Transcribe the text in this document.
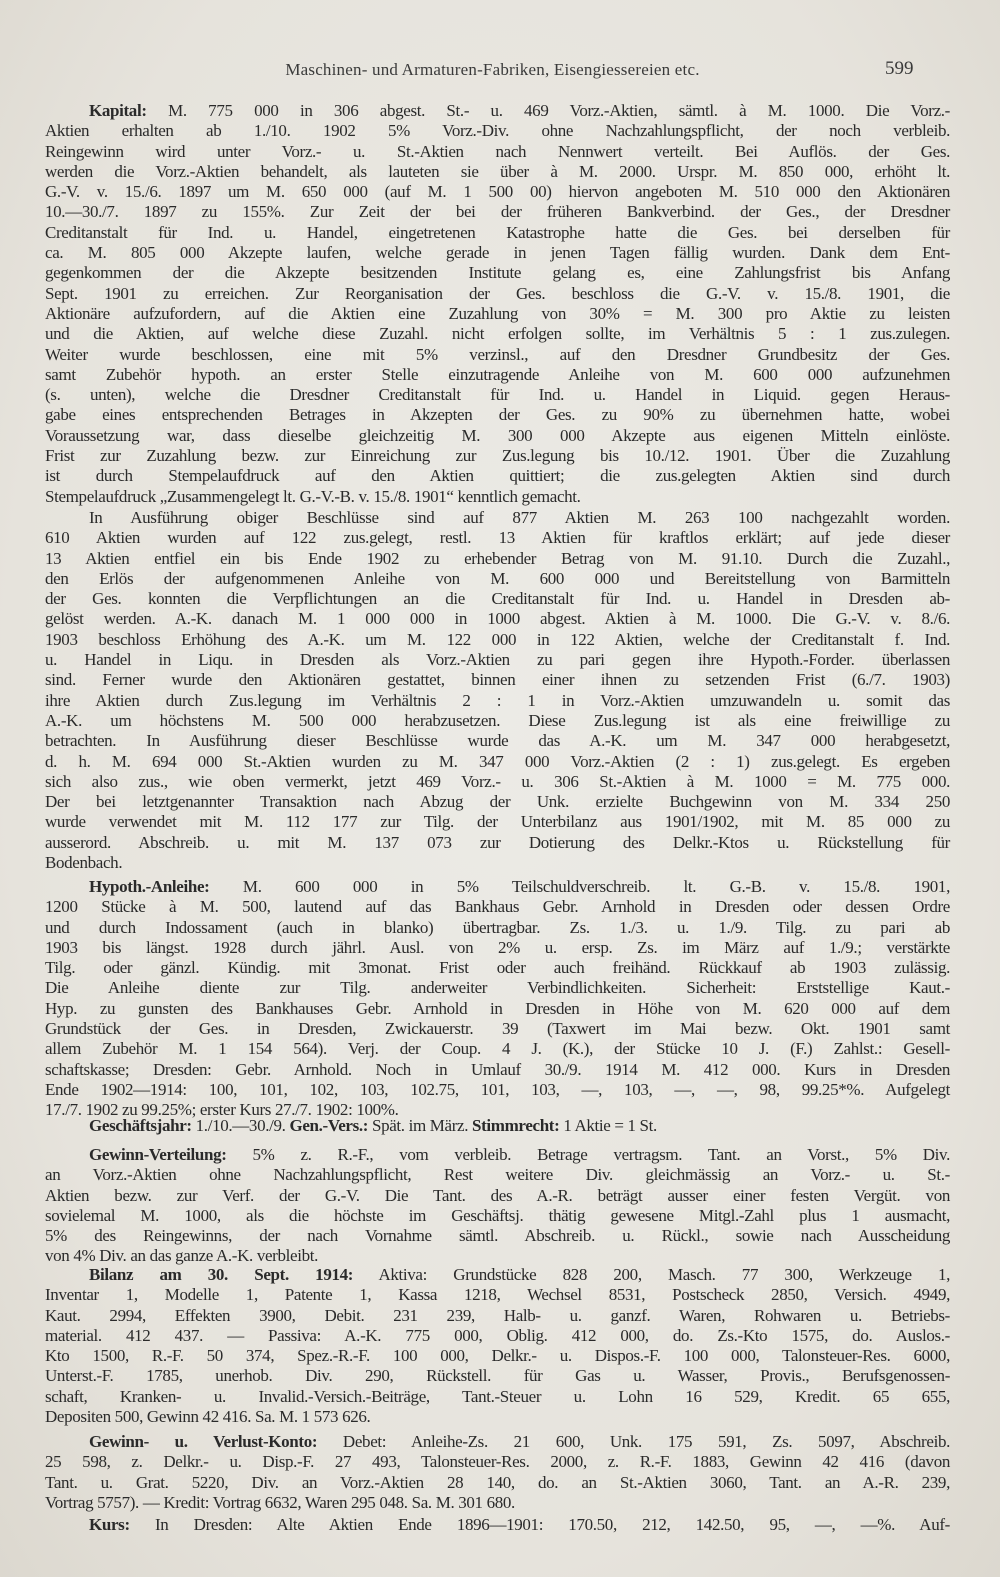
Maschinen- und Armaturen-Fabriken, Eisengiessereien etc.	599
Kapital: M. 775 000 in 306 abgest. St.- u. 469 Vorz.-Aktien, sämtl. à M. 1000. Die Vorz.-
Aktien erhalten ab 1./10. 1902 5% Vorz.-Div. ohne Nachzahlungspflicht, der noch verbleib.
Reingewinn wird unter Vorz.- u. St.-Aktien nach Nennwert verteilt. Bei Auflös. der Ges.
werden die Vorz.-Aktien behandelt, als lauteten sie über à M. 2000. Urspr. M. 850 000, erhöht lt.
G.-V. v. 15./6. 1897 um M. 650 000 (auf M. 1 500 00) hiervon angeboten M. 510 000 den Aktionären
10.—30./7. 1897 zu 155%. Zur Zeit der bei der früheren Bankverbind. der Ges., der Dresdner
Creditanstalt für Ind. u. Handel, eingetretenen Katastrophe hatte die Ges. bei derselben für
ca. M. 805 000 Akzepte laufen, welche gerade in jenen Tagen fällig wurden. Dank dem Ent-
gegenkommen der die Akzepte besitzenden Institute gelang es, eine Zahlungsfrist bis Anfang
Sept. 1901 zu erreichen. Zur Reorganisation der Ges. beschloss die G.-V. v. 15./8. 1901, die
Aktionäre aufzufordern, auf die Aktien eine Zuzahlung von 30% = M. 300 pro Aktie zu leisten
und die Aktien, auf welche diese Zuzahl. nicht erfolgen sollte, im Verhältnis 5 : 1 zus.zulegen.
Weiter wurde beschlossen, eine mit 5% verzinsl., auf den Dresdner Grundbesitz der Ges.
samt Zubehör hypoth. an erster Stelle einzutragende Anleihe von M. 600 000 aufzunehmen
(s. unten), welche die Dresdner Creditanstalt für Ind. u. Handel in Liquid. gegen Heraus-
gabe eines entsprechenden Betrages in Akzepten der Ges. zu 90% zu übernehmen hatte, wobei
Voraussetzung war, dass dieselbe gleichzeitig M. 300 000 Akzepte aus eigenen Mitteln einlöste.
Frist zur Zuzahlung bezw. zur Einreichung zur Zus.legung bis 10./12. 1901. Über die Zuzahlung
ist durch Stempelaufdruck auf den Aktien quittiert; die zus.gelegten Aktien sind durch
Stempelaufdruck „Zusammengelegt lt. G.-V.-B. v. 15./8. 1901“ kenntlich gemacht.
In Ausführung obiger Beschlüsse sind auf 877 Aktien M. 263 100 nachgezahlt worden.
610 Aktien wurden auf 122 zus.gelegt, restl. 13 Aktien für kraftlos erklärt; auf jede dieser
13 Aktien entfiel ein bis Ende 1902 zu erhebender Betrag von M. 91.10. Durch die Zuzahl.,
den Erlös der aufgenommenen Anleihe von M. 600 000 und Bereitstellung von Barmitteln
der Ges. konnten die Verpflichtungen an die Creditanstalt für Ind. u. Handel in Dresden ab-
gelöst werden. A.-K. danach M. 1 000 000 in 1000 abgest. Aktien à M. 1000. Die G.-V. v. 8./6.
1903 beschloss Erhöhung des A.-K. um M. 122 000 in 122 Aktien, welche der Creditanstalt f. Ind.
u. Handel in Liqu. in Dresden als Vorz.-Aktien zu pari gegen ihre Hypoth.-Forder. überlassen
sind. Ferner wurde den Aktionären gestattet, binnen einer ihnen zu setzenden Frist (6./7. 1903)
ihre Aktien durch Zus.legung im Verhältnis 2 : 1 in Vorz.-Aktien umzuwandeln u. somit das
A.-K. um höchstens M. 500 000 herabzusetzen. Diese Zus.legung ist als eine freiwillige zu
betrachten. In Ausführung dieser Beschlüsse wurde das A.-K. um M. 347 000 herabgesetzt,
d. h. M. 694 000 St.-Aktien wurden zu M. 347 000 Vorz.-Aktien (2 : 1) zus.gelegt. Es ergeben
sich also zus., wie oben vermerkt, jetzt 469 Vorz.- u. 306 St.-Aktien à M. 1000 = M. 775 000.
Der bei letztgenannter Transaktion nach Abzug der Unk. erzielte Buchgewinn von M. 334 250
wurde verwendet mit M. 112 177 zur Tilg. der Unterbilanz aus 1901/1902, mit M. 85 000 zu
ausserord. Abschreib. u. mit M. 137 073 zur Dotierung des Delkr.-Ktos u. Rückstellung für
Bodenbach.
Hypoth.-Anleihe: M. 600 000 in 5% Teilschuldverschreib. lt. G.-B. v. 15./8. 1901,
1200 Stücke à M. 500, lautend auf das Bankhaus Gebr. Arnhold in Dresden oder dessen Ordre
und durch Indossament (auch in blanko) übertragbar. Zs. 1./3. u. 1./9. Tilg. zu pari ab
1903 bis längst. 1928 durch jährl. Ausl. von 2% u. ersp. Zs. im März auf 1./9.; verstärkte
Tilg. oder gänzl. Kündig. mit 3monat. Frist oder auch freihänd. Rückkauf ab 1903 zulässig.
Die Anleihe diente zur Tilg. anderweiter Verbindlichkeiten. Sicherheit: Erststellige Kaut.-
Hyp. zu gunsten des Bankhauses Gebr. Arnhold in Dresden in Höhe von M. 620 000 auf dem
Grundstück der Ges. in Dresden, Zwickauerstr. 39 (Taxwert im Mai bezw. Okt. 1901 samt
allem Zubehör M. 1 154 564). Verj. der Coup. 4 J. (K.), der Stücke 10 J. (F.) Zahlst.: Gesell-
schaftskasse; Dresden: Gebr. Arnhold. Noch in Umlauf 30./9. 1914 M. 412 000. Kurs in Dresden
Ende 1902—1914: 100, 101, 102, 103, 102.75, 101, 103, —, 103, —, —, 98, 99.25*%. Aufgelegt
17./7. 1902 zu 99.25%; erster Kurs 27./7. 1902: 100%.
Geschäftsjahr: 1./10.—30./9. Gen.-Vers.: Spät. im März. Stimmrecht: 1 Aktie = 1 St.
Gewinn-Verteilung: 5% z. R.-F., vom verbleib. Betrage vertragsm. Tant. an Vorst., 5% Div.
an Vorz.-Aktien ohne Nachzahlungspflicht, Rest weitere Div. gleichmässig an Vorz.- u. St.-
Aktien bezw. zur Verf. der G.-V. Die Tant. des A.-R. beträgt ausser einer festen Vergüt. von
sovielemal M. 1000, als die höchste im Geschäftsj. thätig gewesene Mitgl.-Zahl plus 1 ausmacht,
5% des Reingewinns, der nach Vornahme sämtl. Abschreib. u. Rückl., sowie nach Ausscheidung
von 4% Div. an das ganze A.-K. verbleibt.
Bilanz am 30. Sept. 1914: Aktiva: Grundstücke 828 200, Masch. 77 300, Werkzeuge 1,
Inventar 1, Modelle 1, Patente 1, Kassa 1218, Wechsel 8531, Postscheck 2850, Versich. 4949,
Kaut. 2994, Effekten 3900, Debit. 231 239, Halb- u. ganzf. Waren, Rohwaren u. Betriebs-
material. 412 437. — Passiva: A.-K. 775 000, Oblig. 412 000, do. Zs.-Kto 1575, do. Auslos.-
Kto 1500, R.-F. 50 374, Spez.-R.-F. 100 000, Delkr.- u. Dispos.-F. 100 000, Talonsteuer-Res. 6000,
Unterst.-F. 1785, unerhob. Div. 290, Rückstell. für Gas u. Wasser, Provis., Berufsgenossen-
schaft, Kranken- u. Invalid.-Versich.-Beiträge, Tant.-Steuer u. Lohn 16 529, Kredit. 65 655,
Depositen 500, Gewinn 42 416. Sa. M. 1 573 626.
Gewinn- u. Verlust-Konto: Debet: Anleihe-Zs. 21 600, Unk. 175 591, Zs. 5097, Abschreib.
25 598, z. Delkr.- u. Disp.-F. 27 493, Talonsteuer-Res. 2000, z. R.-F. 1883, Gewinn 42 416 (davon
Tant. u. Grat. 5220, Div. an Vorz.-Aktien 28 140, do. an St.-Aktien 3060, Tant. an A.-R. 239,
Vortrag 5757). — Kredit: Vortrag 6632, Waren 295 048. Sa. M. 301 680.
Kurs: In Dresden: Alte Aktien Ende 1896—1901: 170.50, 212, 142.50, 95, —, —%. Auf-
